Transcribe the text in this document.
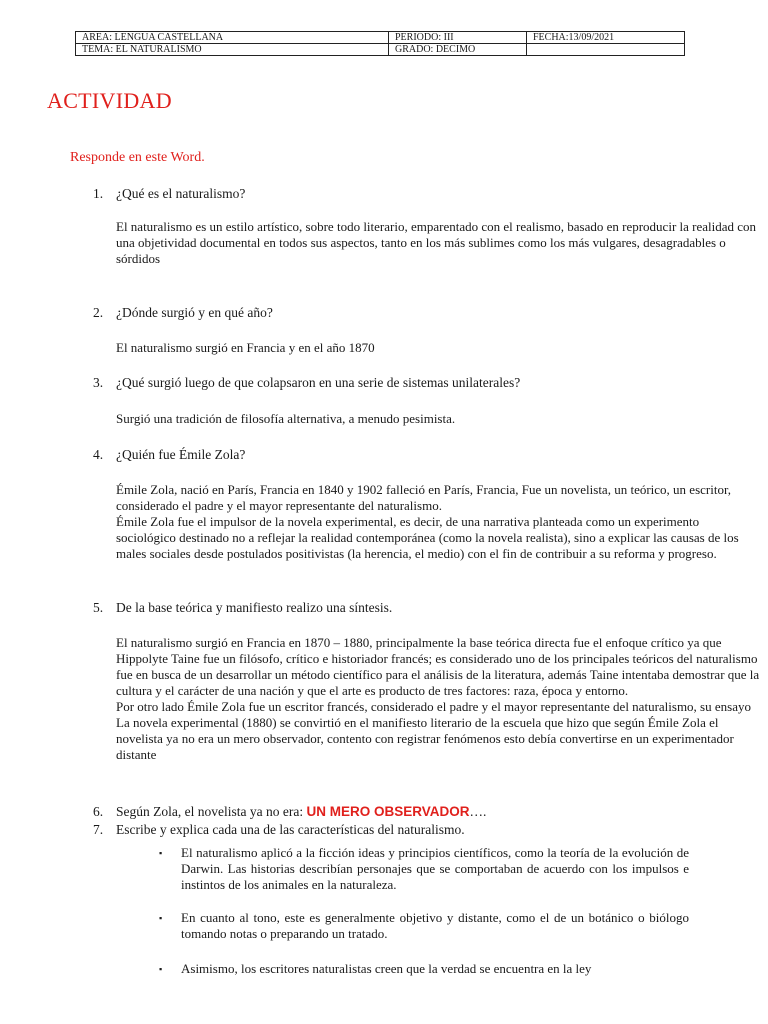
AREA: LENGUA CASTELLANA	PERIODO: III	FECHA:13/09/2021
TEMA: EL NATURALISMO	GRADO: DECIMO	
ACTIVIDAD
Responde en este Word.
1. ¿Qué es el naturalismo?

El naturalismo es un estilo artístico, sobre todo literario, emparentado con el realismo, basado en reproducir la realidad con una objetividad documental en todos sus aspectos, tanto en los más sublimes como los más vulgares, desagradables o sórdidos

2. ¿Dónde surgió y en qué año?

El naturalismo surgió en Francia y en el año 1870

3. ¿Qué surgió luego de que colapsaron en una serie de sistemas unilaterales?

Surgió una tradición de filosofía alternativa, a menudo pesimista.

4. ¿Quién fue Émile Zola?

Émile Zola, nació en París, Francia en 1840 y 1902 falleció en París, Francia, Fue un novelista, un teórico, un escritor, considerado el padre y el mayor representante del naturalismo.

Émile Zola fue el impulsor de la novela experimental, es decir, de una narrativa planteada como un experimento sociológico destinado no a reflejar la realidad contemporánea (como la novela realista), sino a explicar las causas de los males sociales desde postulados positivistas (la herencia, el medio) con el fin de contribuir a su reforma y progreso.

5. De la base teórica y manifiesto realizo una síntesis.

El naturalismo surgió en Francia en 1870 – 1880, principalmente la base teórica directa fue el enfoque crítico ya que Hippolyte Taine fue un filósofo, crítico e historiador francés; es considerado uno de los principales teóricos del naturalismo fue en busca de un desarrollar un método científico para el análisis de la literatura, además Taine intentaba demostrar que la cultura y el carácter de una nación y que el arte es producto de tres factores: raza, época y entorno.

Por otro lado Émile Zola fue un escritor francés, considerado el padre y el mayor representante del naturalismo, su ensayo La novela experimental (1880) se convirtió en el manifiesto literario de la escuela que hizo que según Émile Zola el novelista ya no era un mero observador, contento con registrar fenómenos esto debía convertirse en un experimentador distante

6. Según Zola, el novelista ya no era: UN MERO OBSERVADOR….
7. Escribe y explica cada una de las características del naturalismo.
▪	El naturalismo aplicó a la ficción ideas y principios científicos, como la teoría de la evolución de Darwin. Las historias describían personajes que se comportaban de acuerdo con los impulsos e instintos de los animales en la naturaleza.
▪	En cuanto al tono, este es generalmente objetivo y distante, como el de un botánico o biólogo tomando notas o preparando un tratado.
▪	Asimismo, los escritores naturalistas creen que la verdad se encuentra en la ley
